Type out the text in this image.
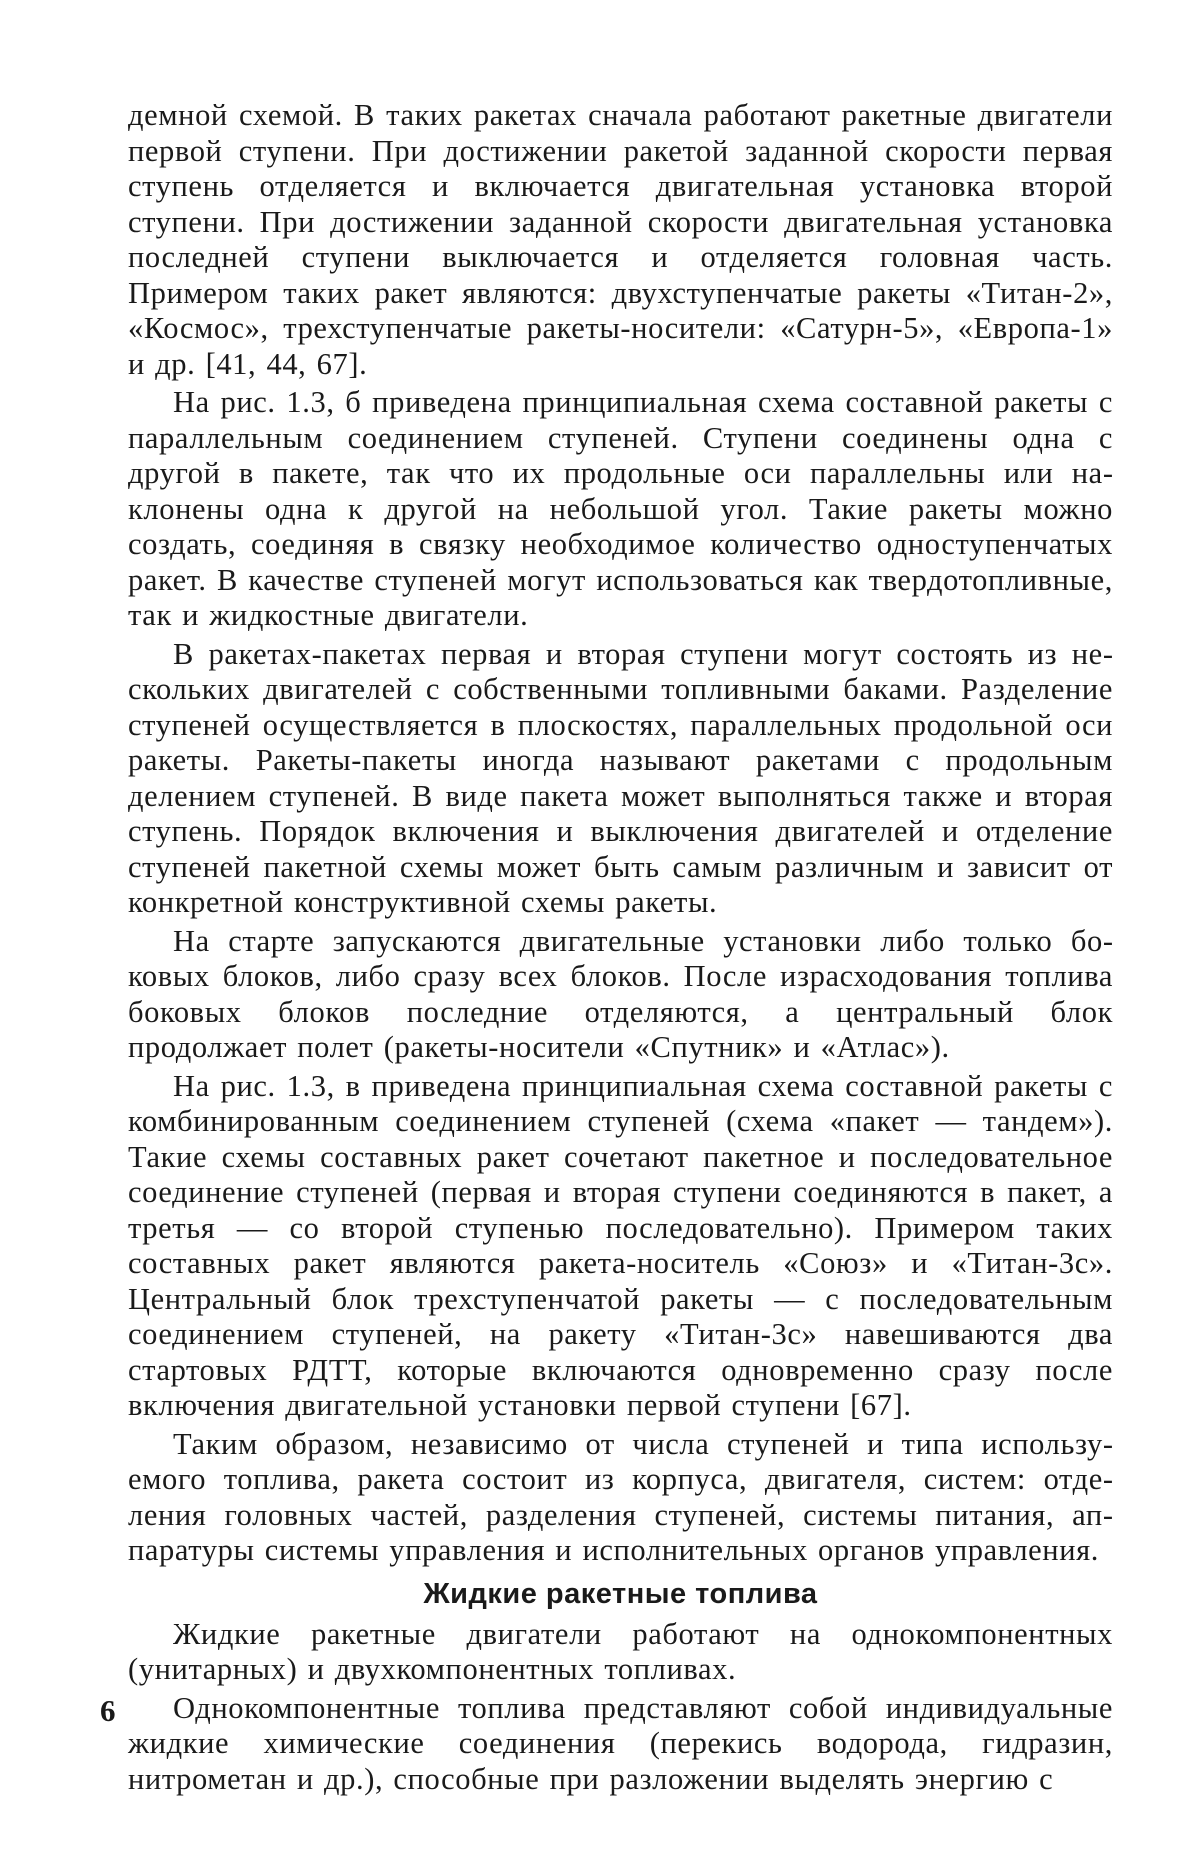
демной схемой. В таких ракетах сначала работают ракетные двигатели первой ступени. При достижении ракетой заданной скорости первая ступень отделяется и включается двигательная установка второй ступени. При достижении заданной скорости двигательная установка последней ступени выключается и отделяется головная часть. Примером таких ракет являются: двухступенчатые ракеты «Титан-2», «Космос», трехступенчатые ракеты-носители: «Сатурн-5», «Европа-1» и др. [41, 44, 67].

На рис. 1.3, б приведена принципиальная схема составной ракеты с параллельным соединением ступеней. Ступени соединены одна с другой в пакете, так что их продольные оси параллельны или наклонены одна к другой на небольшой угол. Такие ракеты можно создать, соединяя в связку необходимое количество одноступенчатых ракет. В качестве ступеней могут использоваться как твердотопливные, так и жидкостные двигатели.

В ракетах-пакетах первая и вторая ступени могут состоять из нескольких двигателей с собственными топливными баками. Разделение ступеней осуществляется в плоскостях, параллельных продольной оси ракеты. Ракеты-пакеты иногда называют ракетами с продольным делением ступеней. В виде пакета может выполняться также и вторая ступень. Порядок включения и выключения двигателей и отделение ступеней пакетной схемы может быть самым различным и зависит от конкретной конструктивной схемы ракеты.

На старте запускаются двигательные установки либо только боковых блоков, либо сразу всех блоков. После израсходования топлива боковых блоков последние отделяются, а центральный блок продолжает полет (ракеты-носители «Спутник» и «Атлас»).

На рис. 1.3, в приведена принципиальная схема составной ракеты с комбинированным соединением ступеней (схема «пакет — тандем»). Такие схемы составных ракет сочетают пакетное и последовательное соединение ступеней (первая и вторая ступени соединяются в пакет, а третья — со второй ступенью последовательно). Примером таких составных ракет являются ракета-носитель «Союз» и «Титан-3с». Центральный блок трехступенчатой ракеты — с последовательным соединением ступеней, на ракету «Титан-3с» навешиваются два стартовых РДТТ, которые включаются одновременно сразу после включения двигательной установки первой ступени [67].

Таким образом, независимо от числа ступеней и типа используемого топлива, ракета состоит из корпуса, двигателя, систем: отделения головных частей, разделения ступеней, системы питания, аппаратуры системы управления и исполнительных органов управления.

Жидкие ракетные топлива

Жидкие ракетные двигатели работают на однокомпонентных (унитарных) и двухкомпонентных топливах.

Однокомпонентные топлива представляют собой индивидуальные жидкие химические соединения (перекись водорода, гидразин, нитрометан и др.), способные при разложении выделять энергию с

6
